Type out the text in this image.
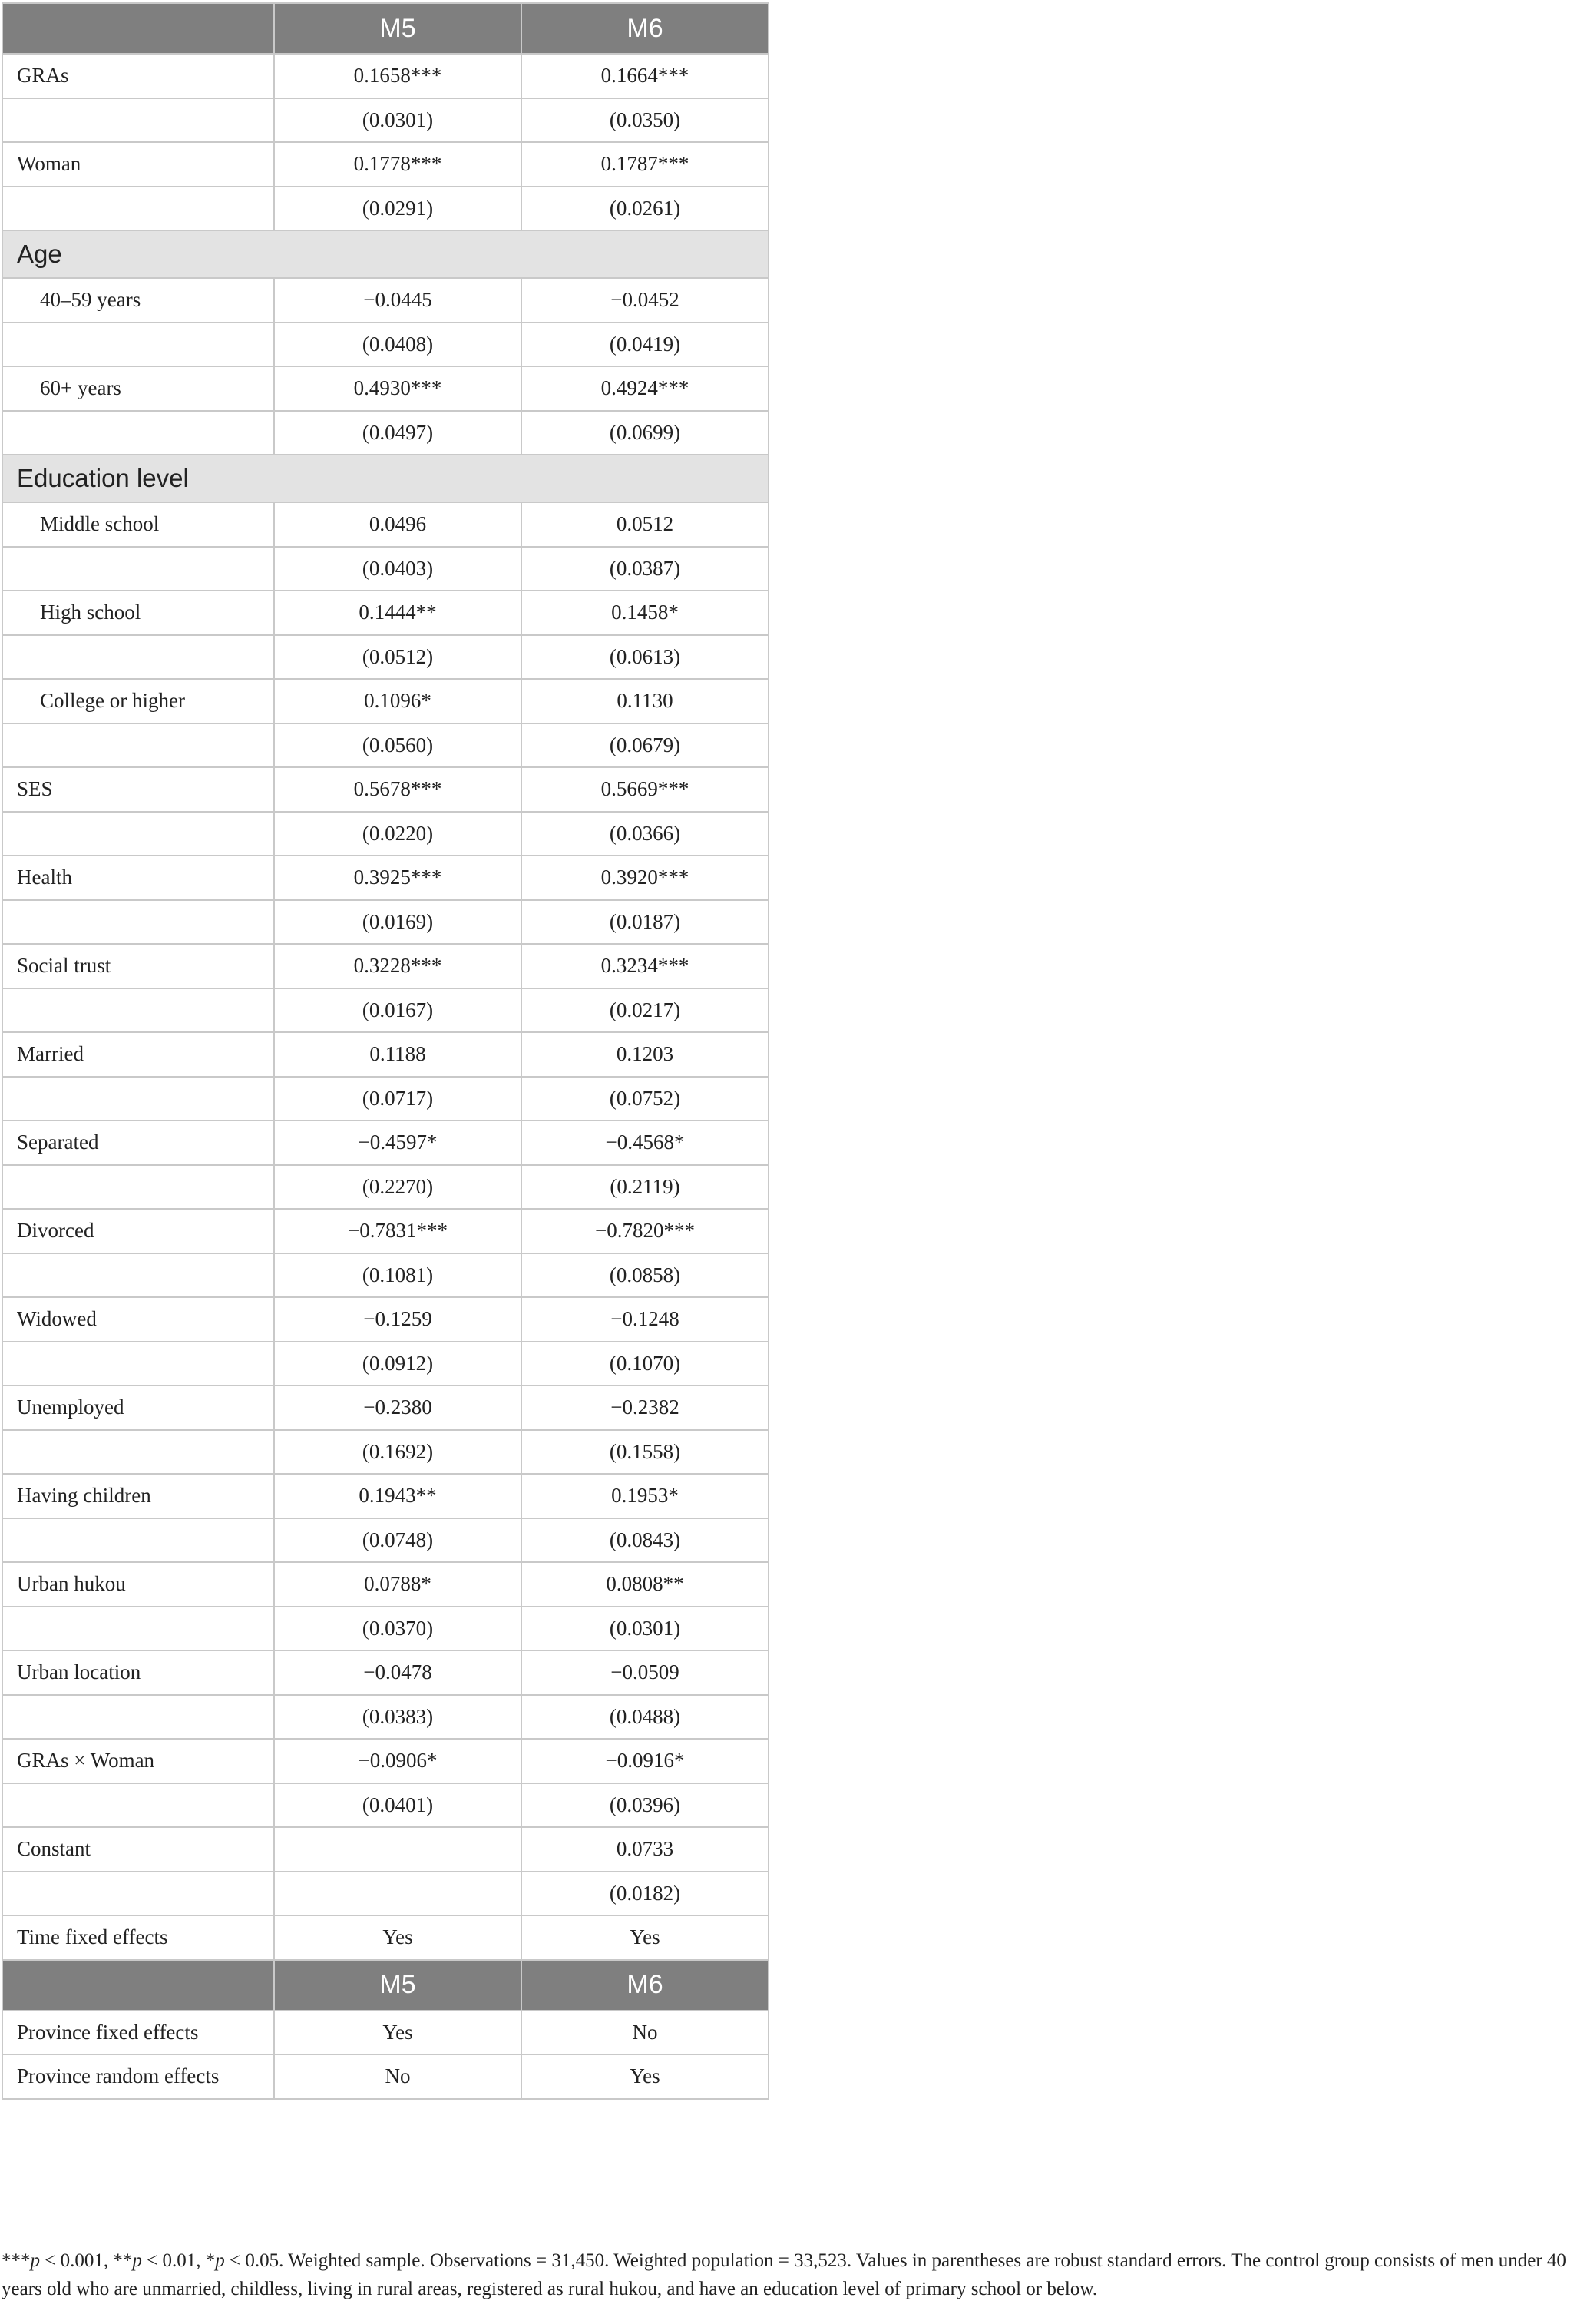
	M5	M6
GRAs	0.1658***	0.1664***
	(0.0301)	(0.0350)
Woman	0.1778***	0.1787***
	(0.0291)	(0.0261)
Age		
40–59 years	−0.0445	−0.0452
	(0.0408)	(0.0419)
60+ years	0.4930***	0.4924***
	(0.0497)	(0.0699)
Education level		
Middle school	0.0496	0.0512
	(0.0403)	(0.0387)
High school	0.1444**	0.1458*
	(0.0512)	(0.0613)
College or higher	0.1096*	0.1130
	(0.0560)	(0.0679)
SES	0.5678***	0.5669***
	(0.0220)	(0.0366)
Health	0.3925***	0.3920***
	(0.0169)	(0.0187)
Social trust	0.3228***	0.3234***
	(0.0167)	(0.0217)
Married	0.1188	0.1203
	(0.0717)	(0.0752)
Separated	−0.4597*	−0.4568*
	(0.2270)	(0.2119)
Divorced	−0.7831***	−0.7820***
	(0.1081)	(0.0858)
Widowed	−0.1259	−0.1248
	(0.0912)	(0.1070)
Unemployed	−0.2380	−0.2382
	(0.1692)	(0.1558)
Having children	0.1943**	0.1953*
	(0.0748)	(0.0843)
Urban hukou	0.0788*	0.0808**
	(0.0370)	(0.0301)
Urban location	−0.0478	−0.0509
	(0.0383)	(0.0488)
GRAs × Woman	−0.0906*	−0.0916*
	(0.0401)	(0.0396)
Constant		0.0733
		(0.0182)
Time fixed effects	Yes	Yes
	M5	M6
Province fixed effects	Yes	No
Province random effects	No	Yes
***p < 0.001, **p < 0.01, *p < 0.05. Weighted sample. Observations = 31,450. Weighted population = 33,523. Values in parentheses are robust standard errors. The control group consists of men under 40 years old who are unmarried, childless, living in rural areas, registered as rural hukou, and have an education level of primary school or below.
